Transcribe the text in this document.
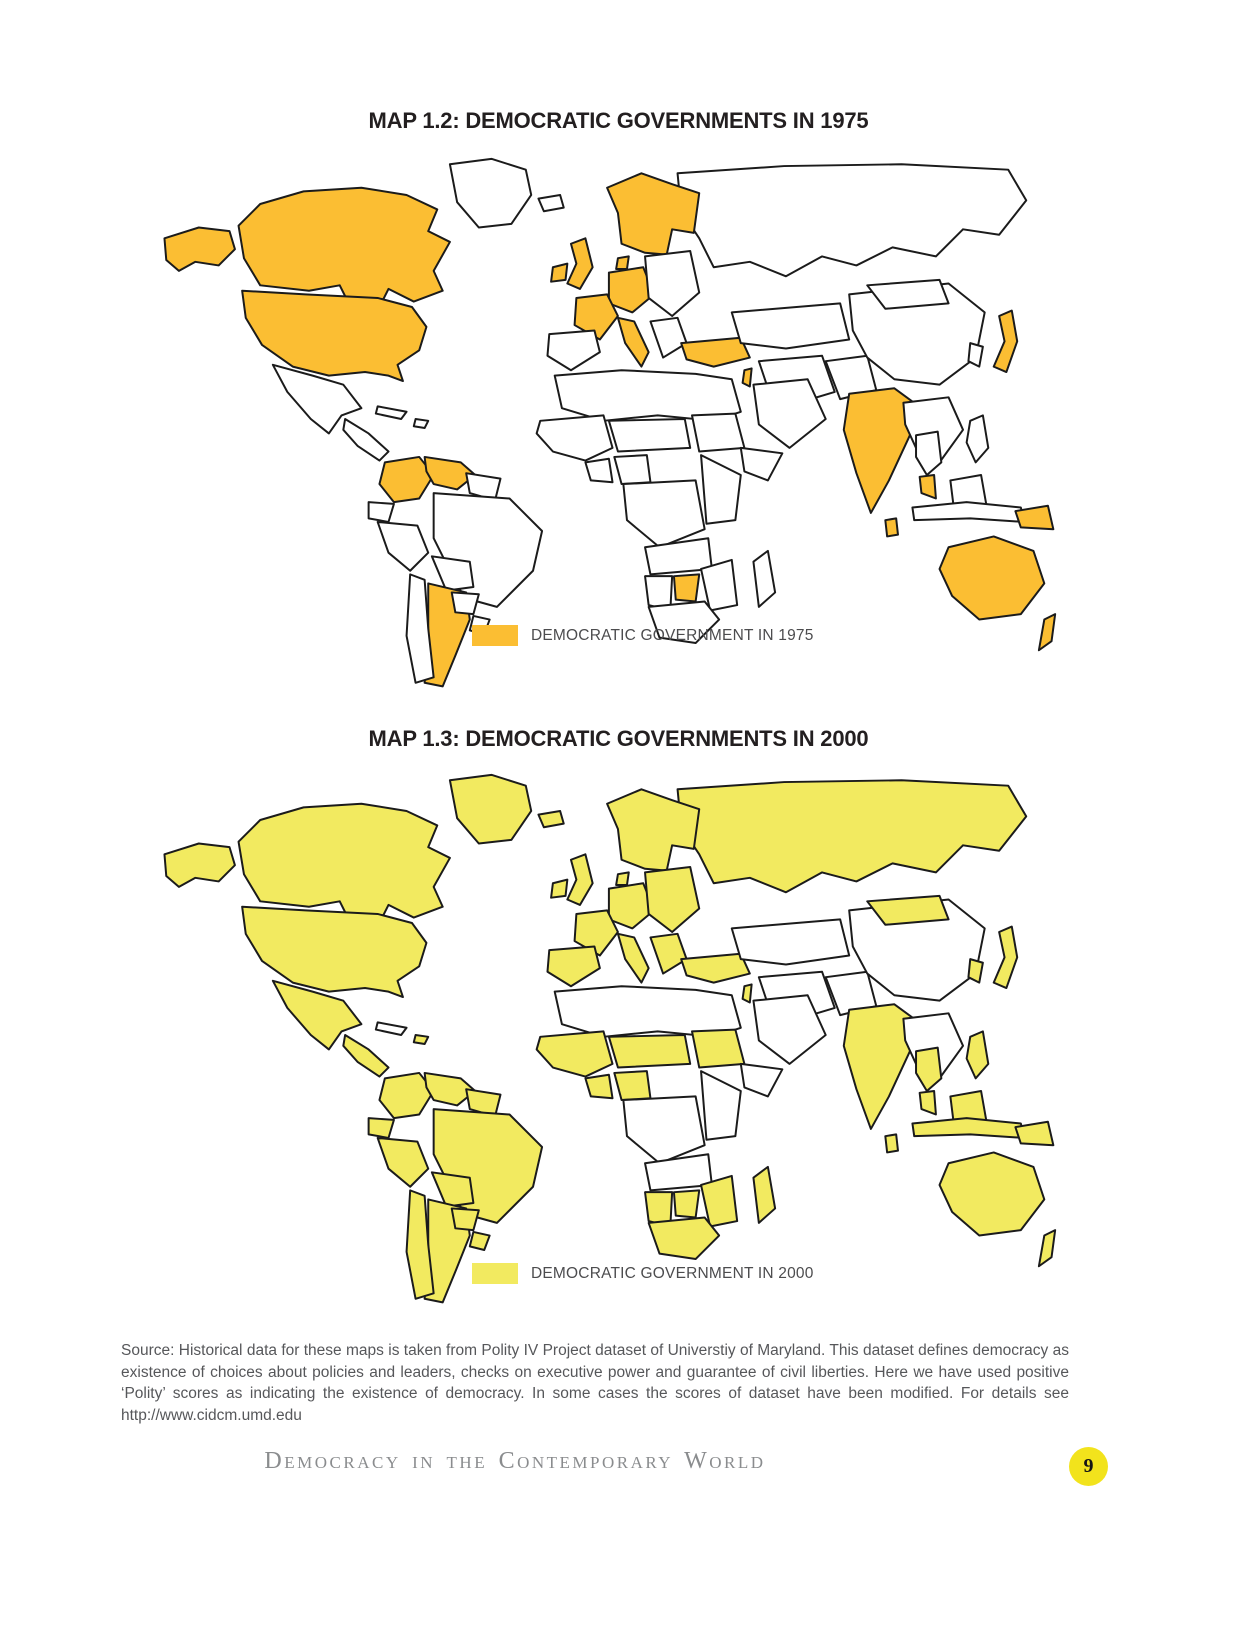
MAP 1.2: DEMOCRATIC GOVERNMENTS IN 1975
DEMOCRATIC GOVERNMENT IN 1975
MAP 1.3: DEMOCRATIC GOVERNMENTS IN 2000
DEMOCRATIC GOVERNMENT IN 2000

Source: Historical data for these maps is taken from Polity IV Project dataset of Universtiy of Maryland. This dataset defines democracy as existence of choices about policies and leaders, checks on executive power and guarantee of civil liberties. Here we have used positive ‘Polity’ scores as indicating the existence of democracy. In some cases the scores of dataset have been modified. For details see http://www.cidcm.umd.edu

Democracy in the Contemporary World	9
